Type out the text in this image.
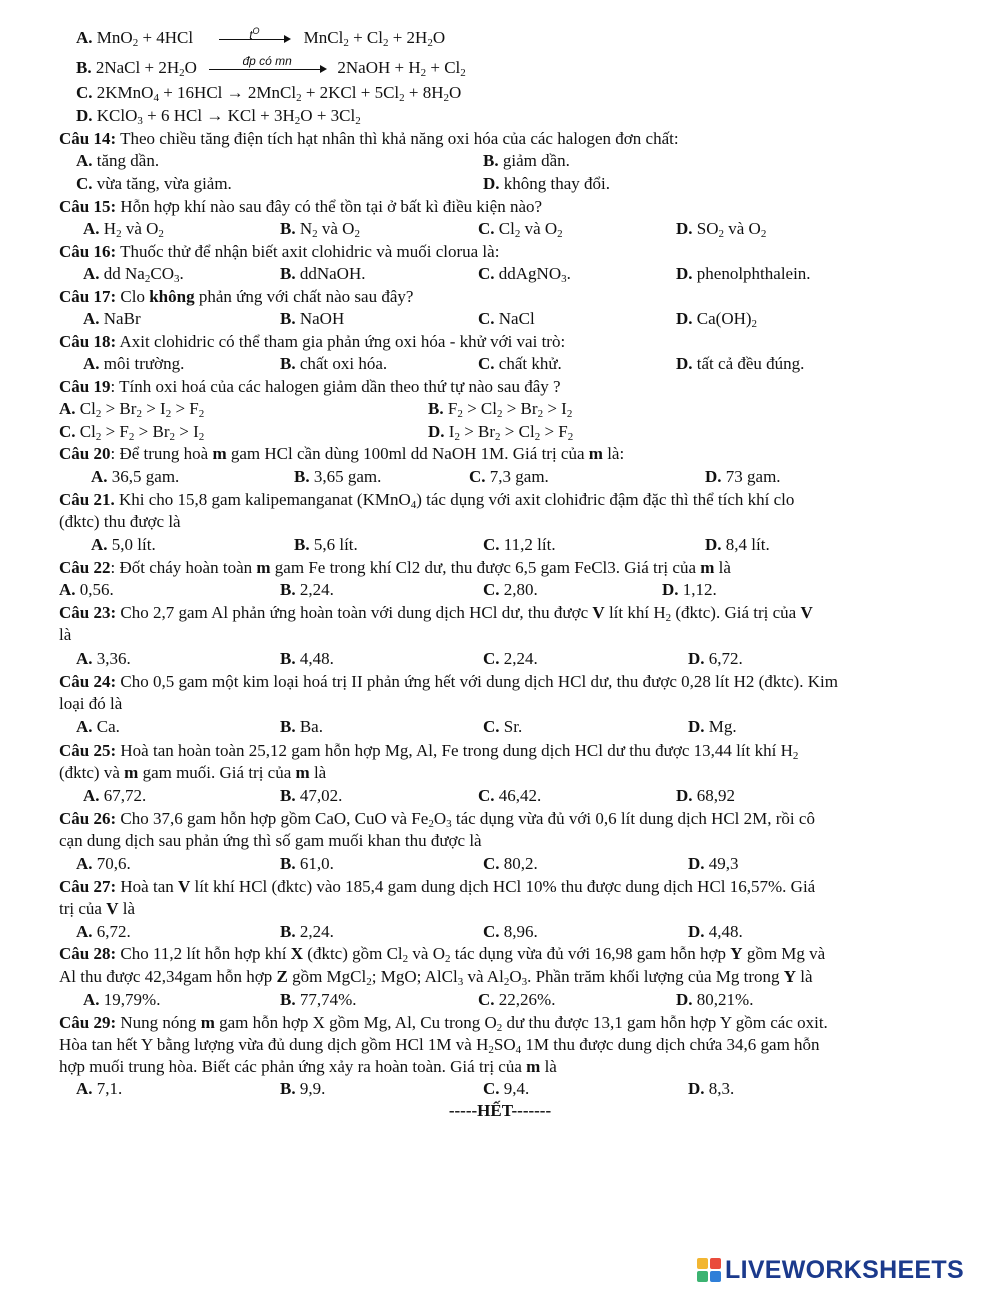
A. MnO$_2$ + 4HCl	$t^O$	MnCl$_2$ + $Cl_2 + 2H_2O$
B. 2NaCl + $2H_2O$	đp có mn	2NaOH + $H_2 + Cl_2$
C. 2KMnO$_4$ + 16HCl → 2MnCl$_2$ + $2KCl + 5Cl_2 + 8H_2O$
D. KClO$_3$ + 6 HCl → KCl + $3H_2O + 3Cl_2$
Câu 14: Theo chiều tăng điện tích hạt nhân thì khả năng oxi hóa của các halogen đơn chất:
A. tăng dần.	B. giảm dần.
C. vừa tăng, vừa giảm.	D. không thay đổi.
Câu 15: Hỗn hợp khí nào sau đây có thể tồn tại ở bất kì điều kiện nào?
A. $H_2$ và $O_2$	B. $N_2$ và $O_2$	C. $Cl_2$ và $O_2$	D. $SO_2$ và $O_2$
Câu 16: Thuốc thử để nhận biết axit clohidric và muối clorua là:
A. dd $Na_2CO_3$.	B. ddNaOH.	C. ddAgNO$_3$.	D. phenolphthalein.
Câu 17: Clo không phản ứng với chất nào sau đây?
A. NaBr	B. NaOH	C. NaCl	D. $Ca(OH)_2$
Câu 18: Axit clohidric có thể tham gia phản ứng oxi hóa - khử với vai trò:
A. môi trường.	B. chất oxi hóa.	C. chất khử.	D. tất cả đều đúng.
Câu 19: Tính oxi hoá của các halogen giảm dần theo thứ tự nào sau đây ?
A. $Cl_2 > Br_2 > I_2 > F_2$	B. $F_2 > Cl_2 > Br_2 > I_2$
C. $Cl_2 > F_2 > Br_2 > I_2$	D. $I_2 > Br_2 > Cl_2 > F_2$
Câu 20: Để trung hoà m gam HCl cần dùng 100ml dd NaOH 1M. Giá trị của m là:
A. 36,5 gam.	B. 3,65 gam.	C. 7,3 gam.	D. 73 gam.
Câu 21. Khi cho 15,8 gam kalipemanganat (KMnO$_4$) tác dụng với axit clohiđric đậm đặc thì thể tích khí clo
(đktc) thu được là
A. 5,0 lít.	B. 5,6 lít.	C. 11,2 lít.	D. 8,4 lít.
Câu 22: Đốt cháy hoàn toàn m gam Fe trong khí Cl2 dư, thu được 6,5 gam FeCl3. Giá trị của m là
A. 0,56.	B. 2,24.	C. 2,80.	D. 1,12.
Câu 23: Cho 2,7 gam Al phản ứng hoàn toàn với dung dịch HCl dư, thu được V lít khí $H_2$ (đktc). Giá trị của V
là
A. 3,36.	B. 4,48.	C. 2,24.	D. 6,72.
Câu 24: Cho 0,5 gam một kim loại hoá trị II phản ứng hết với dung dịch HCl dư, thu được 0,28 lít H2 (đktc). Kim
loại đó là
A. Ca.	B. Ba.	C. Sr.	D. Mg.
Câu 25: Hoà tan hoàn toàn 25,12 gam hỗn hợp Mg, Al, Fe trong dung dịch HCl dư thu được 13,44 lít khí $H_2$
(đktc) và m gam muối. Giá trị của m là
A. 67,72.	B. 47,02.	C. 46,42.	D. 68,92
Câu 26: Cho 37,6 gam hỗn hợp gồm CaO, CuO và $Fe_2O_3$ tác dụng vừa đủ với 0,6 lít dung dịch HCl 2M, rồi cô
cạn dung dịch sau phản ứng thì số gam muối khan thu được là
A. 70,6.	B. 61,0.	C. 80,2.	D. 49,3
Câu 27: Hoà tan V lít khí HCl (đktc) vào 185,4 gam dung dịch HCl 10% thu được dung dịch HCl 16,57%. Giá
trị của V là
A. 6,72.	B. 2,24.	C. 8,96.	D. 4,48.
Câu 28: Cho 11,2 lít hỗn hợp khí X (đktc) gồm $Cl_2$ và $O_2$ tác dụng vừa đủ với 16,98 gam hỗn hợp Y gồm Mg và
Al thu được 42,34gam hỗn hợp Z gồm MgCl$_2$; MgO; AlCl$_3$ và $Al_2O_3$. Phần trăm khối lượng của Mg trong Y là
A. 19,79%.	B. 77,74%.	C. 22,26%.	D. 80,21%.
Câu 29: Nung nóng m gam hỗn hợp X gồm Mg, Al, Cu trong $O_2$ dư thu được 13,1 gam hỗn hợp Y gồm các oxit.
Hòa tan hết Y bằng lượng vừa đủ dung dịch gồm HCl 1M và $H_2SO_4$ 1M thu được dung dịch chứa 34,6 gam hỗn
hợp muối trung hòa. Biết các phản ứng xảy ra hoàn toàn. Giá trị của m là
A. 7,1.	B. 9,9.	C. 9,4.	D. 8,3.
-----HẾT-------
LIVEWORKSHEETS
